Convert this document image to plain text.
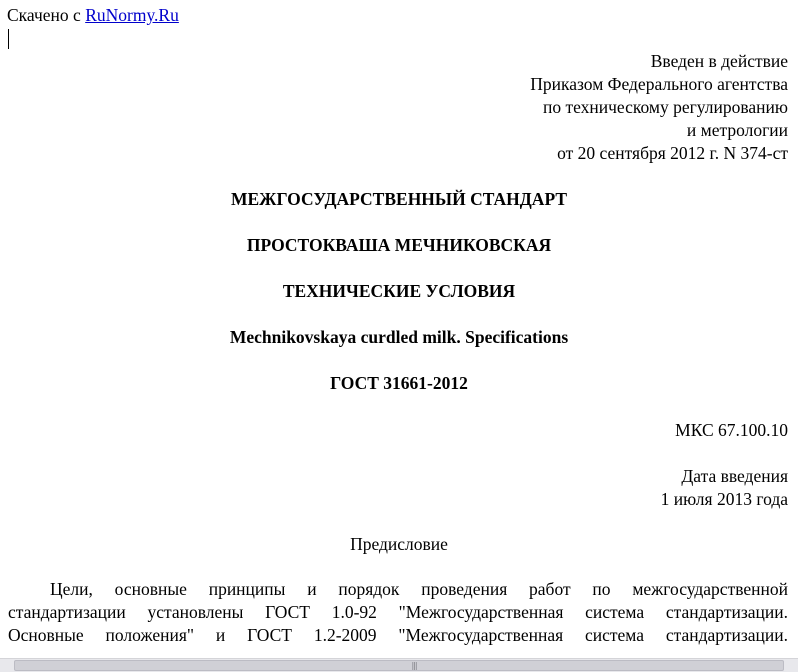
Скачено с RuNormy.Ru
Введен в действие
Приказом Федерального агентства
по техническому регулированию
и метрологии
от 20 сентября 2012 г. N 374-ст
МЕЖГОСУДАРСТВЕННЫЙ СТАНДАРТ
ПРОСТОКВАША МЕЧНИКОВСКАЯ
ТЕХНИЧЕСКИЕ УСЛОВИЯ
Mechnikovskaya curdled milk. Specifications
ГОСТ 31661-2012
МКС 67.100.10
Дата введения
1 июля 2013 года
Предисловие
Цели, основные принципы и порядок проведения работ по межгосударственной
стандартизации установлены ГОСТ 1.0-92 "Межгосударственная система стандартизации.
Основные положения" и ГОСТ 1.2-2009 "Межгосударственная система стандартизации.
|||
